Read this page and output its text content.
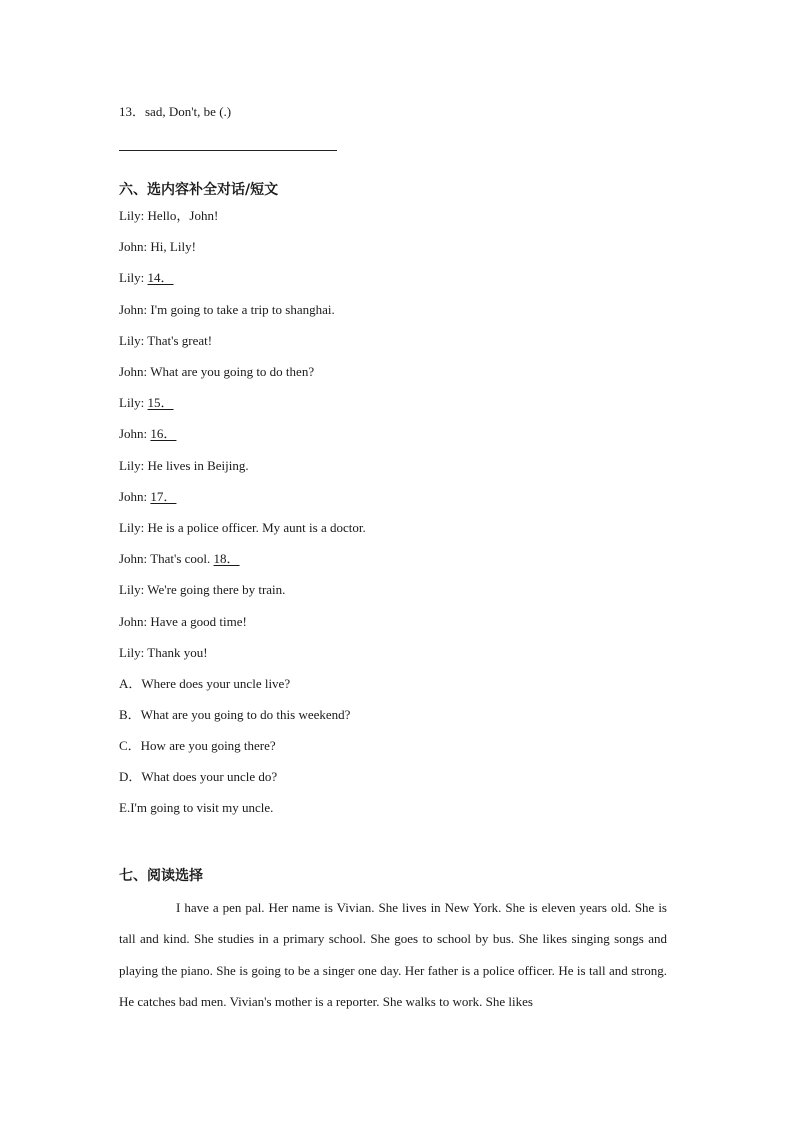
13．sad, Don't, be (.)
六、选内容补全对话/短文
Lily: Hello，John!
John: Hi, Lily!
Lily: 14．
John: I'm going to take a trip to shanghai.
Lily: That's great!
John: What are you going to do then?
Lily: 15．
John: 16．
Lily: He lives in Beijing.
John: 17．
Lily: He is a police officer. My aunt is a doctor.
John: That's cool. 18．
Lily: We're going there by train.
John: Have a good time!
Lily: Thank you!
A．Where does your uncle live?
B．What are you going to do this weekend?
C．How are you going there?
D．What does your uncle do?
E.I'm going to visit my uncle.
七、阅读选择
I have a pen pal. Her name is Vivian. She lives in New York. She is eleven years old. She is tall and kind. She studies in a primary school. She goes to school by bus. She likes singing songs and playing the piano. She is going to be a singer one day. Her father is a police officer. He is tall and strong. He catches bad men. Vivian's mother is a reporter. She walks to work. She likes
